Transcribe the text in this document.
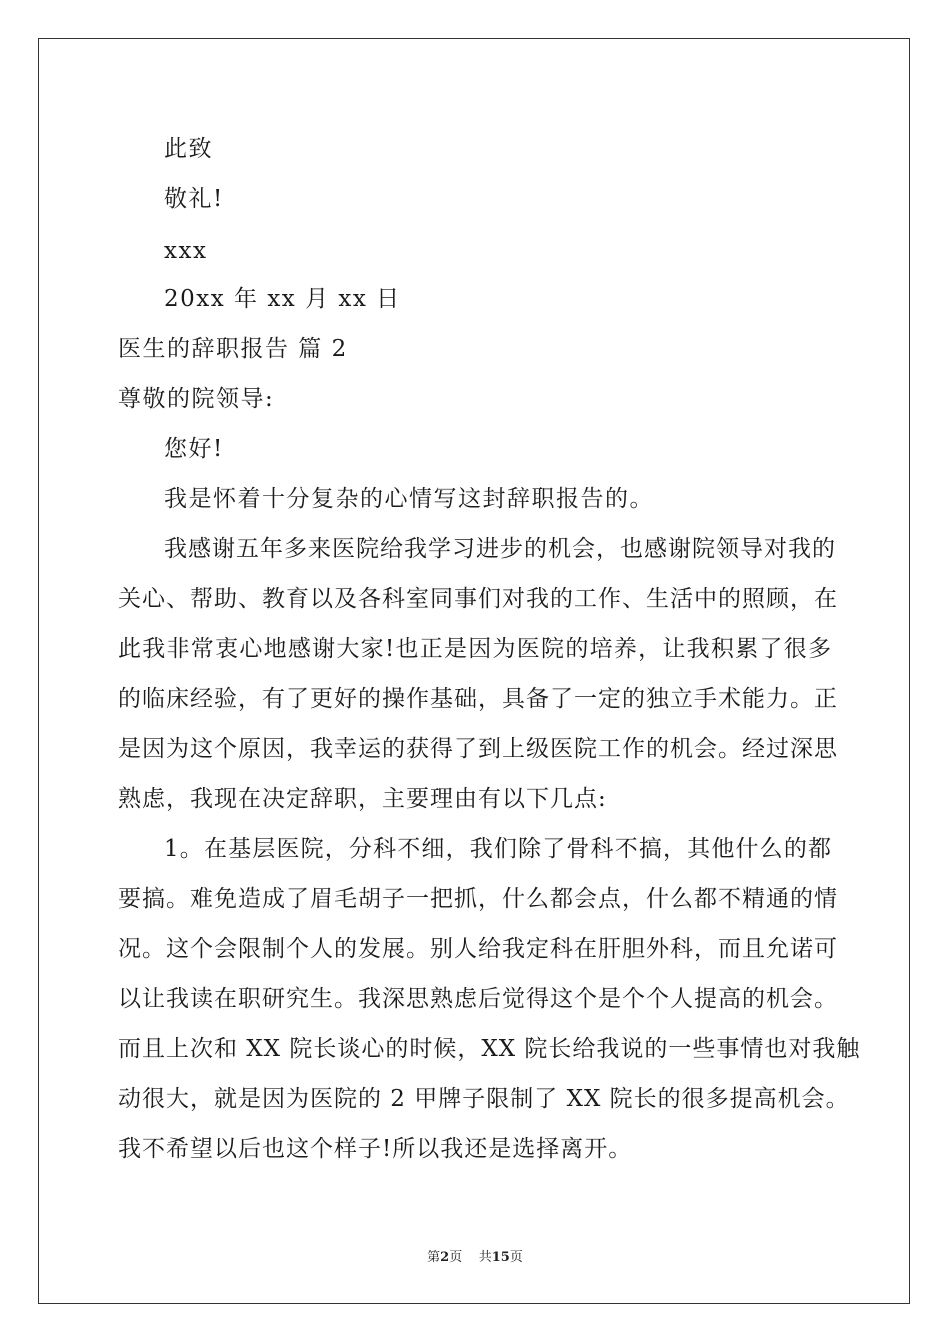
此致
敬礼!
xxx
20xx 年 xx 月 xx 日
医生的辞职报告 篇 2
尊敬的院领导:
您好!
我是怀着十分复杂的心情写这封辞职报告的。
我感谢五年多来医院给我学习进步的机会，也感谢院领导对我的
关心、帮助、教育以及各科室同事们对我的工作、生活中的照顾，在
此我非常衷心地感谢大家!也正是因为医院的培养，让我积累了很多
的临床经验，有了更好的操作基础，具备了一定的独立手术能力。正
是因为这个原因，我幸运的获得了到上级医院工作的机会。经过深思
熟虑，我现在决定辞职，主要理由有以下几点:
1。在基层医院，分科不细，我们除了骨科不搞，其他什么的都
要搞。难免造成了眉毛胡子一把抓，什么都会点，什么都不精通的情
况。这个会限制个人的发展。别人给我定科在肝胆外科，而且允诺可
以让我读在职研究生。我深思熟虑后觉得这个是个个人提高的机会。
而且上次和 XX 院长谈心的时候，XX 院长给我说的一些事情也对我触
动很大，就是因为医院的 2 甲牌子限制了 XX 院长的很多提高机会。
我不希望以后也这个样子!所以我还是选择离开。
第2页    共15页
